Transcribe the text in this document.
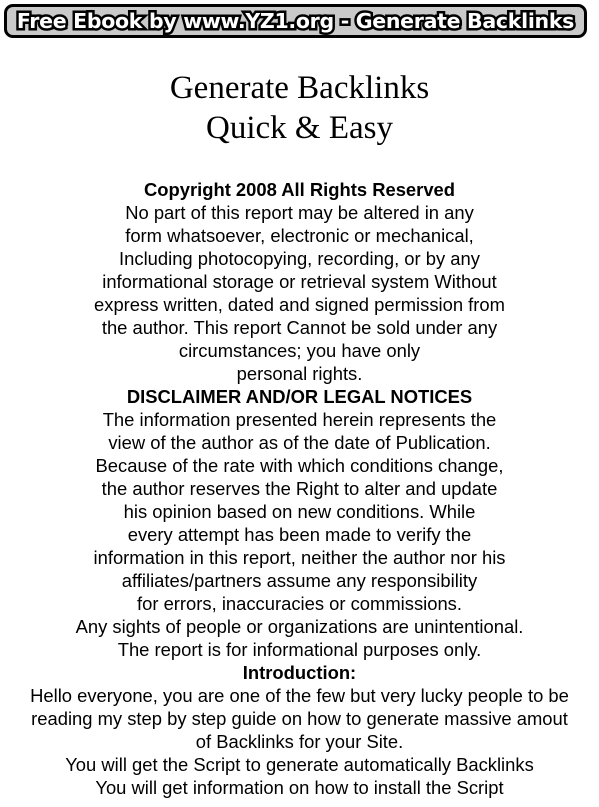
Free Ebook by www.YZ1.org - Generate Backlinks
Generate Backlinks
Quick & Easy
Copyright 2008 All Rights Reserved
No part of this report may be altered in any
form whatsoever, electronic or mechanical,
Including photocopying, recording, or by any
informational storage or retrieval system Without
express written, dated and signed permission from
the author. This report Cannot be sold under any
circumstances; you have only
personal rights.
DISCLAIMER AND/OR LEGAL NOTICES
The information presented herein represents the
view of the author as of the date of Publication.
Because of the rate with which conditions change,
the author reserves the Right to alter and update
his opinion based on new conditions. While
every attempt has been made to verify the
information in this report, neither the author nor his
affiliates/partners assume any responsibility
for errors, inaccuracies or commissions.
Any sights of people or organizations are unintentional.
The report is for informational purposes only.
Introduction:
Hello everyone, you are one of the few but very lucky people to be
reading my step by step guide on how to generate massive amout
of Backlinks for your Site.
You will get the Script to generate automatically Backlinks
You will get information on how to install the Script
